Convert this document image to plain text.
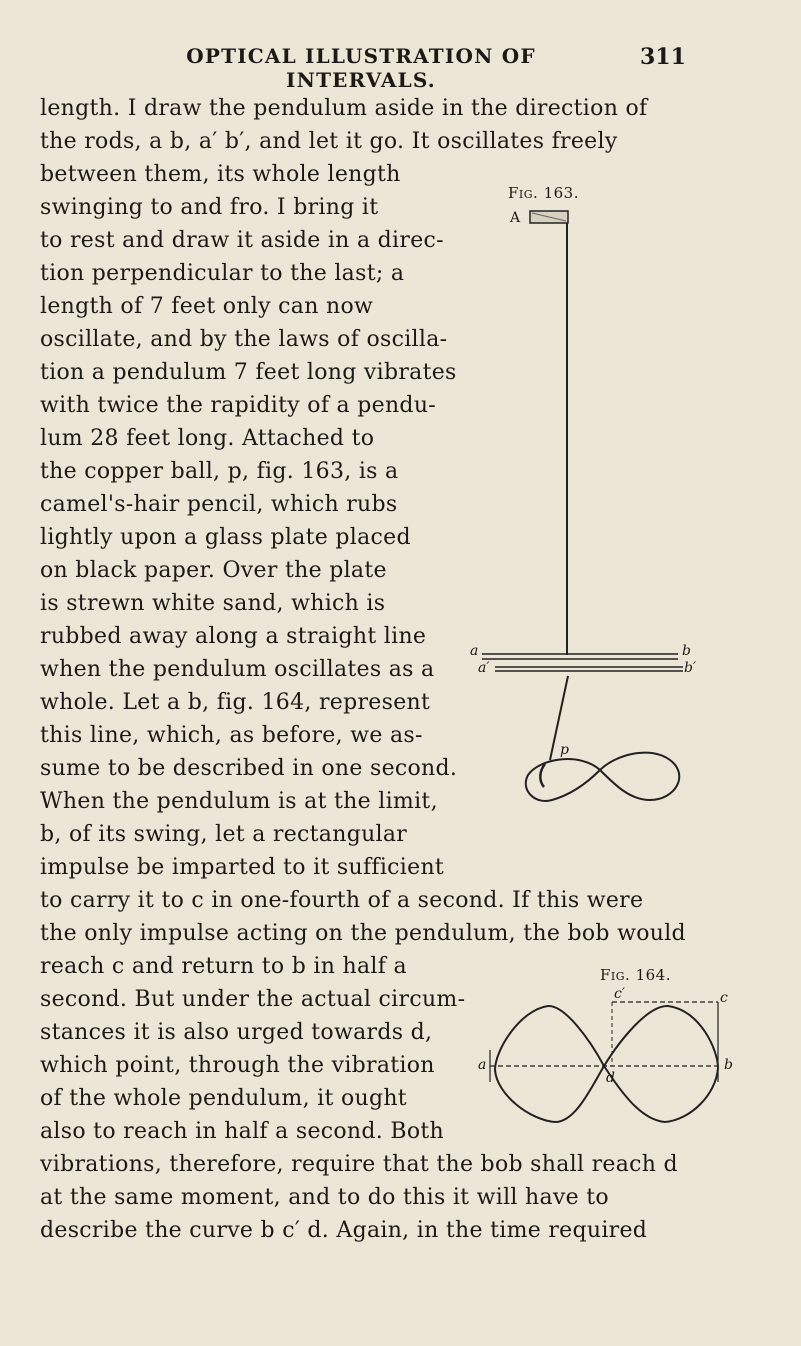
OPTICAL ILLUSTRATION OF INTERVALS.
311
length. I draw the pendulum aside in the direction of
the rods, a b, a′ b′, and let it go. It oscillates freely
between them, its whole length
swinging to and fro. I bring it
to rest and draw it aside in a direc-
tion perpendicular to the last; a
length of 7 feet only can now
oscillate, and by the laws of oscilla-
tion a pendulum 7 feet long vibrates
with twice the rapidity of a pendu-
lum 28 feet long. Attached to
the copper ball, p, fig. 163, is a
camel's-hair pencil, which rubs
lightly upon a glass plate placed
on black paper. Over the plate
is strewn white sand, which is
rubbed away along a straight line
when the pendulum oscillates as a
whole. Let a b, fig. 164, represent
this line, which, as before, we as-
sume to be described in one second.
When the pendulum is at the limit,
b, of its swing, let a rectangular
impulse be imparted to it sufficient
to carry it to c in one-fourth of a second. If this were
the only impulse acting on the pendulum, the bob would
reach c and return to b in half a
second. But under the actual circum-
stances it is also urged towards d,
which point, through the vibration
of the whole pendulum, it ought
also to reach in half a second. Both
vibrations, therefore, require that the bob shall reach d
at the same moment, and to do this it will have to
describe the curve b c′ d. Again, in the time required
Fig. 163.
A
a
a′
b
b′
p
Fig. 164.
a	b
c
c′
d
